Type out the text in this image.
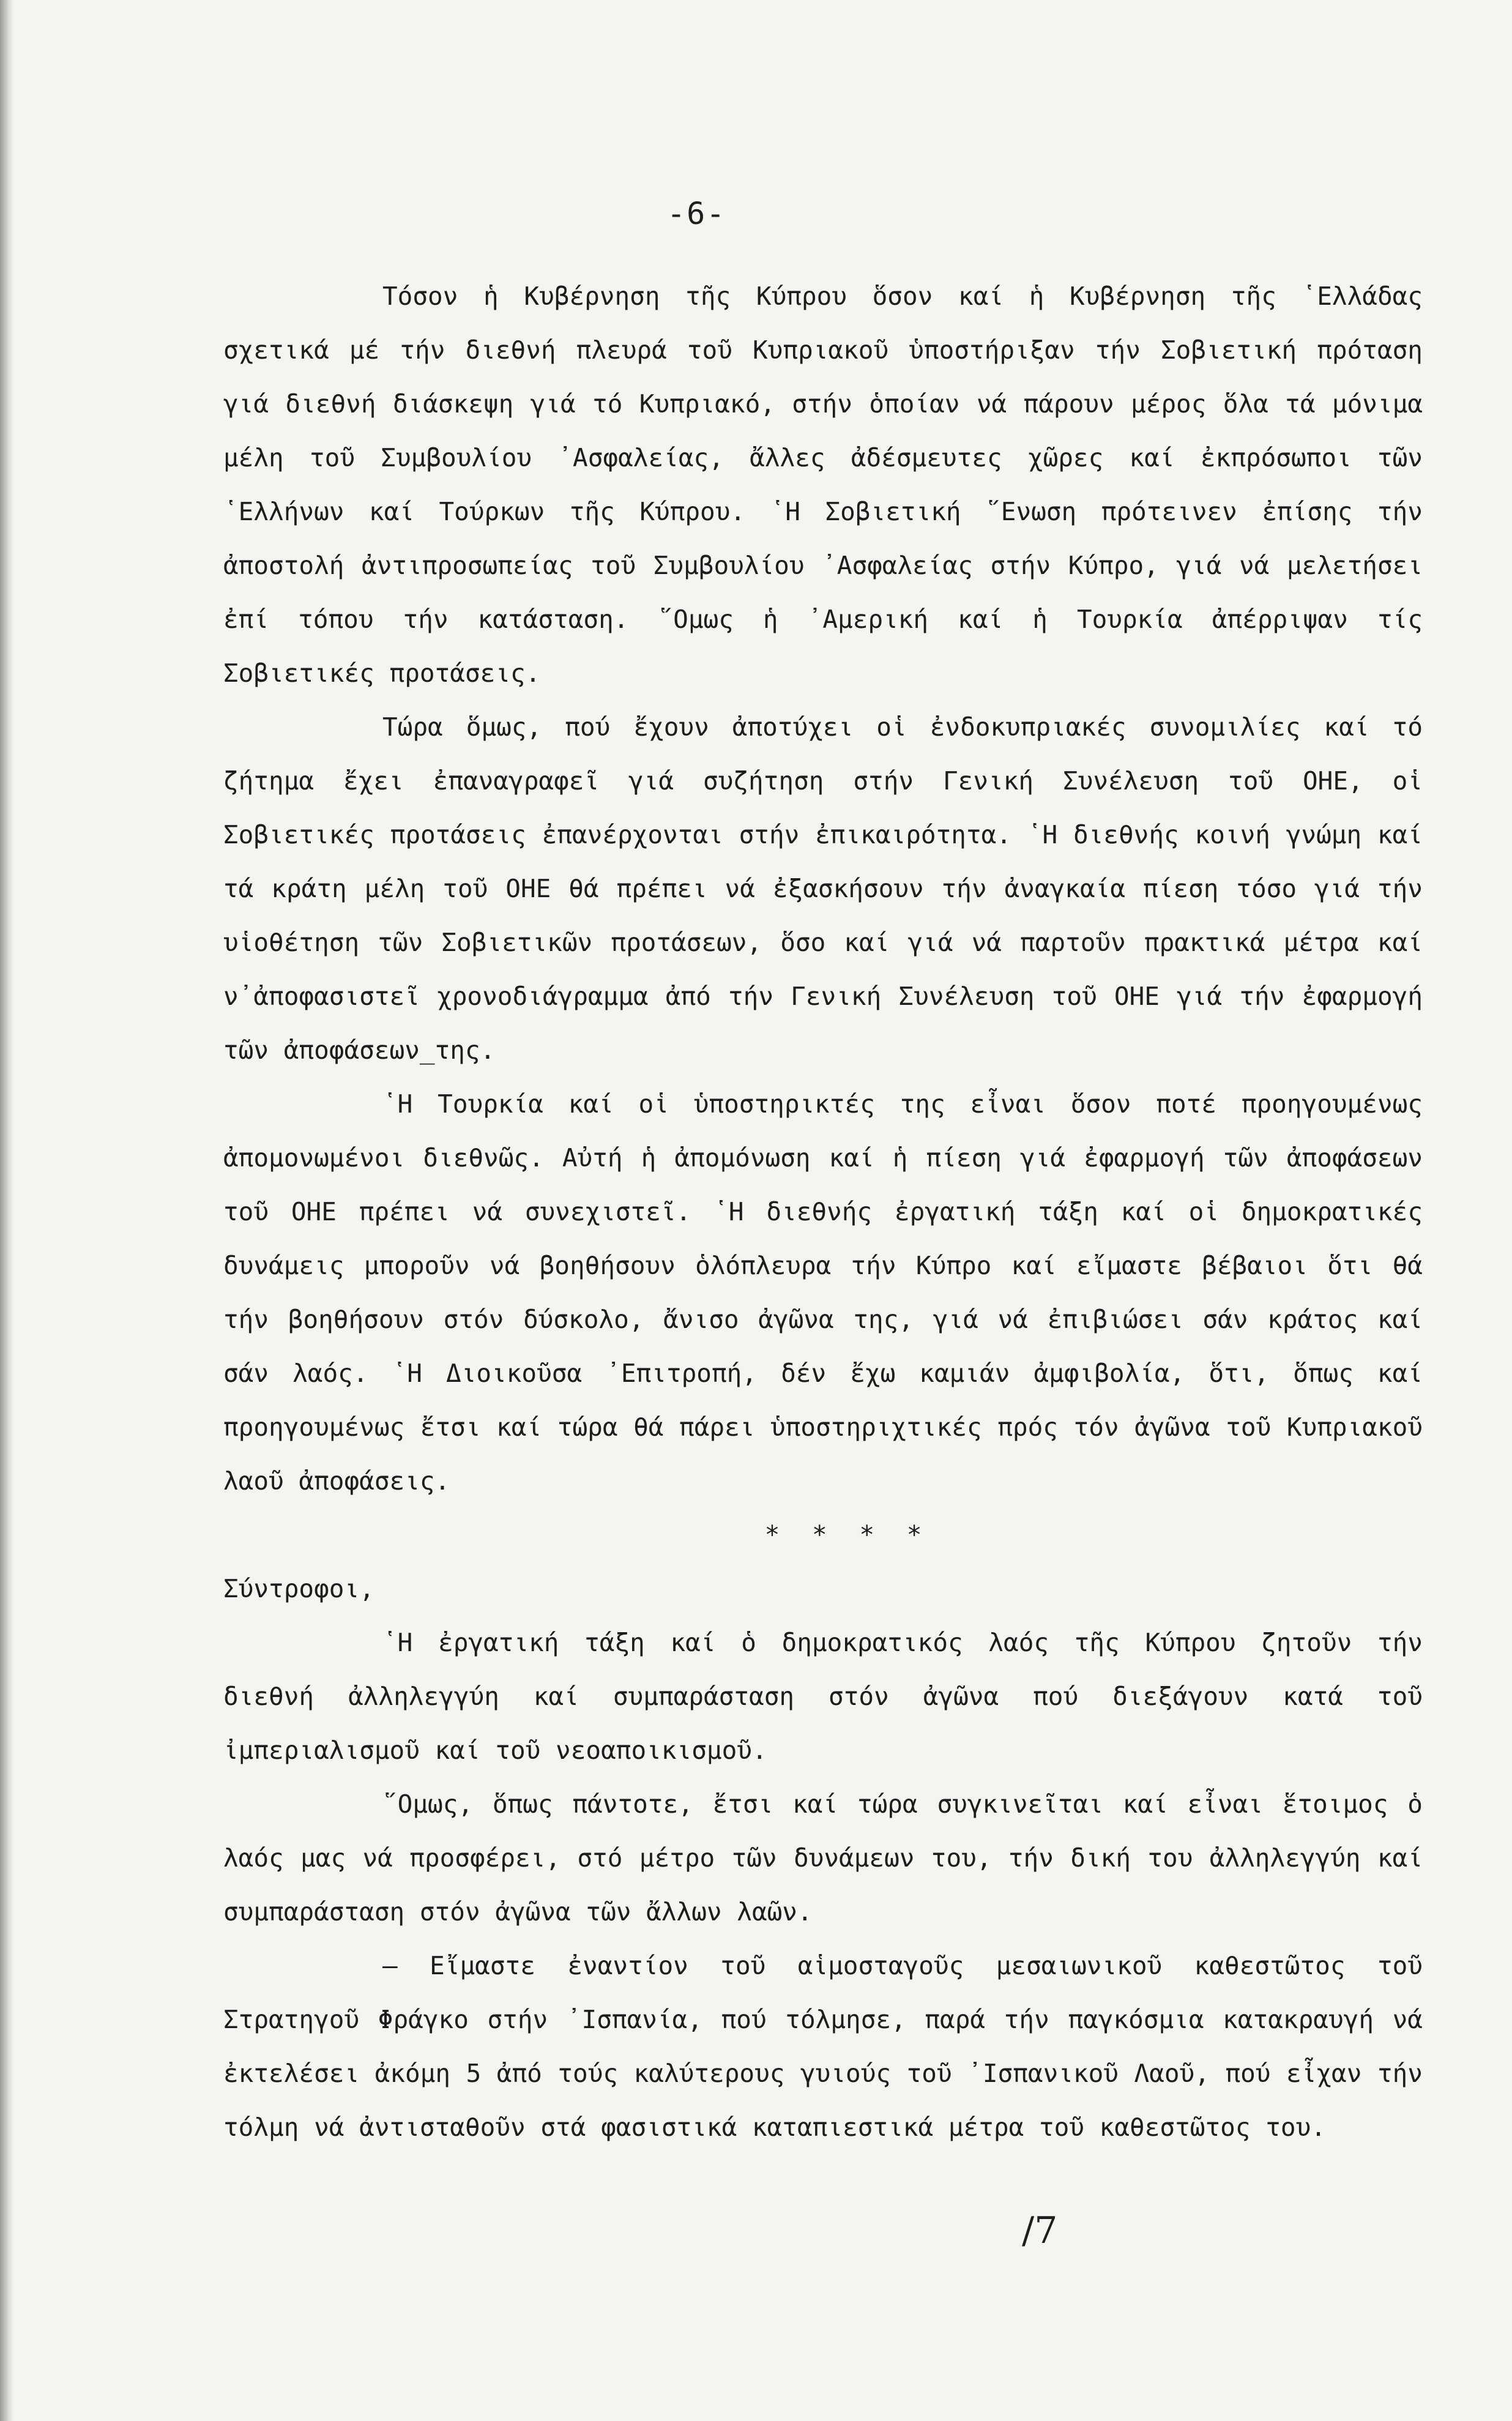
-6-

Τόσον ἡ Κυβέρνηση τῆς Κύπρου ὅσον καί ἡ Κυβέρνηση τῆς ῾Ελλάδας σχετικά μέ τήν διεθνή πλευρά τοῦ Κυπριακοῦ ὑποστήριξαν τήν Σοβιετική πρόταση γιά διεθνή διάσκεψη γιά τό Κυπριακό, στήν ὁποίαν νά πάρουν μέρος ὅλα τά μόνιμα μέλη τοῦ Συμβουλίου ᾽Ασφαλείας, ἄλλες ἀδέσμευτες χῶρες καί ἐκπρόσωποι τῶν ῾Ελλήνων καί Τούρκων τῆς Κύπρου. ῾Η Σοβιετική ῞Ενωση πρότεινεν ἐπίσης τήν ἀποστολή ἀντιπροσωπείας τοῦ Συμβουλίου ᾽Ασφαλείας στήν Κύπρο, γιά νά μελετήσει ἐπί τόπου τήν κατάσταση. ῞Ομως ἡ ᾽Αμερική καί ἡ Τουρκία ἀπέρριψαν τίς Σοβιετικές προτάσεις.

Τώρα ὅμως, πού ἔχουν ἀποτύχει οἱ ἐνδοκυπριακές συνομιλίες καί τό ζήτημα ἔχει ἐπαναγραφεῖ γιά συζήτηση στήν Γενική Συνέλευση τοῦ ΟΗΕ, οἱ Σοβιετικές προτάσεις ἐπανέρχονται στήν ἐπικαιρότητα. ῾Η διεθνής κοινή γνώμη καί τά κράτη μέλη τοῦ ΟΗΕ θά πρέπει νά ἐξασκήσουν τήν ἀναγκαία πίεση τόσο γιά τήν υἱοθέτηση τῶν Σοβιετικῶν προτάσεων, ὅσο καί γιά νά παρτοῦν πρακτικά μέτρα καί ν᾽ἀποφασιστεῖ χρονοδιάγραμμα ἀπό τήν Γενική Συνέλευση τοῦ ΟΗΕ γιά τήν ἐφαρμογή τῶν ἀποφάσεων_της.

῾Η Τουρκία καί οἱ ὑποστηρικτές της εἶναι ὅσον ποτέ προηγουμένως ἀπομονωμένοι διεθνῶς. Αὐτή ἡ ἀπομόνωση καί ἡ πίεση γιά ἐφαρμογή τῶν ἀποφάσεων τοῦ ΟΗΕ πρέπει νά συνεχιστεῖ. ῾Η διεθνής ἐργατική τάξη καί οἱ δημοκρατικές δυνάμεις μποροῦν νά βοηθήσουν ὁλόπλευρα τήν Κύπρο καί εἴμαστε βέβαιοι ὅτι θά τήν βοηθήσουν στόν δύσκολο, ἄνισο ἀγῶνα της, γιά νά ἐπιβιώσει σάν κράτος καί σάν λαός. ῾Η Διοικοῦσα ᾽Επιτροπή, δέν ἔχω καμιάν ἀμφιβολία, ὅτι, ὅπως καί προηγουμένως ἔτσι καί τώρα θά πάρει ὑποστηριχτικές πρός τόν ἀγῶνα τοῦ Κυπριακοῦ λαοῦ ἀποφάσεις.

* * * *

Σύντροφοι,

῾Η ἐργατική τάξη καί ὁ δημοκρατικός λαός τῆς Κύπρου ζητοῦν τήν διεθνή ἀλληλεγγύη καί συμπαράσταση στόν ἀγῶνα πού διεξάγουν κατά τοῦ ἰμπεριαλισμοῦ καί τοῦ νεοαποικισμοῦ.

῞Ομως, ὅπως πάντοτε, ἔτσι καί τώρα συγκινεῖται καί εἶναι ἕτοιμος ὁ λαός μας νά προσφέρει, στό μέτρο τῶν δυνάμεων του, τήν δική του ἀλληλεγγύη καί συμπαράσταση στόν ἀγῶνα τῶν ἄλλων λαῶν.

– Εἴμαστε ἐναντίον τοῦ αἱμοσταγοῦς μεσαιωνικοῦ καθεστῶτος τοῦ Στρατηγοῦ Φράγκο στήν ᾽Ισπανία, πού τόλμησε, παρά τήν παγκόσμια κατακραυγή νά ἐκτελέσει ἀκόμη 5 ἀπό τούς καλύτερους γυιούς τοῦ ᾽Ισπανικοῦ Λαοῦ, πού εἶχαν τήν τόλμη νά ἀντισταθοῦν στά φασιστικά καταπιεστικά μέτρα τοῦ καθεστῶτος του.

/7
